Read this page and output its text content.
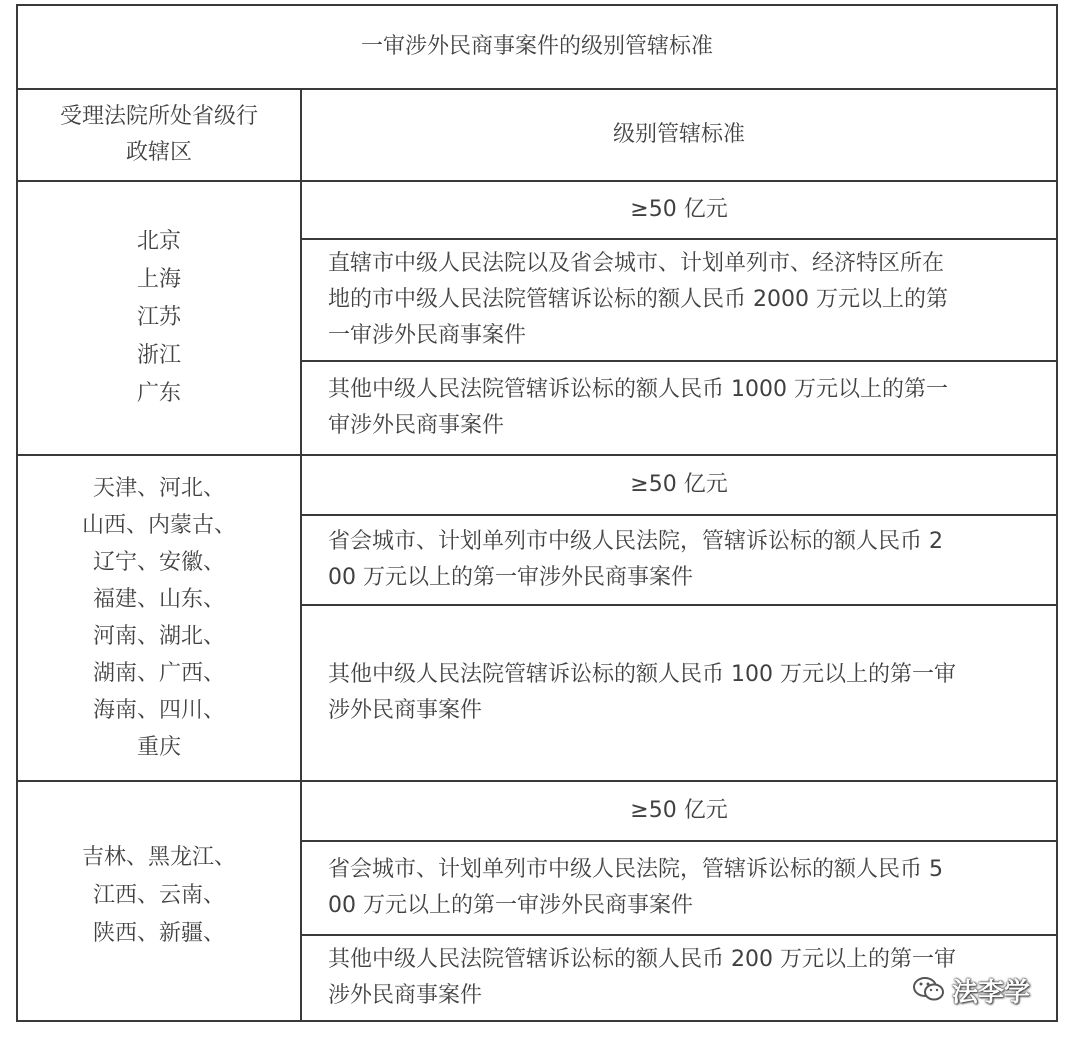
一审涉外民商事案件的级别管辖标准
受理法院所处省级行
政辖区
级别管辖标准
北京
上海
江苏
浙江
广东
≥50 亿元
直辖市中级人民法院以及省会城市、计划单列市、经济特区所在
地的市中级人民法院管辖诉讼标的额人民币 2000 万元以上的第
一审涉外民商事案件
其他中级人民法院管辖诉讼标的额人民币 1000 万元以上的第一
审涉外民商事案件
天津、河北、
山西、内蒙古、
辽宁、安徽、
福建、山东、
河南、湖北、
湖南、广西、
海南、四川、
重庆
≥50 亿元
省会城市、计划单列市中级人民法院，管辖诉讼标的额人民币 2
00 万元以上的第一审涉外民商事案件
其他中级人民法院管辖诉讼标的额人民币 100 万元以上的第一审
涉外民商事案件
吉林、黑龙江、
江西、云南、
陕西、新疆、
≥50 亿元
省会城市、计划单列市中级人民法院，管辖诉讼标的额人民币 5
00 万元以上的第一审涉外民商事案件
其他中级人民法院管辖诉讼标的额人民币 200 万元以上的第一审
涉外民商事案件	法李学
